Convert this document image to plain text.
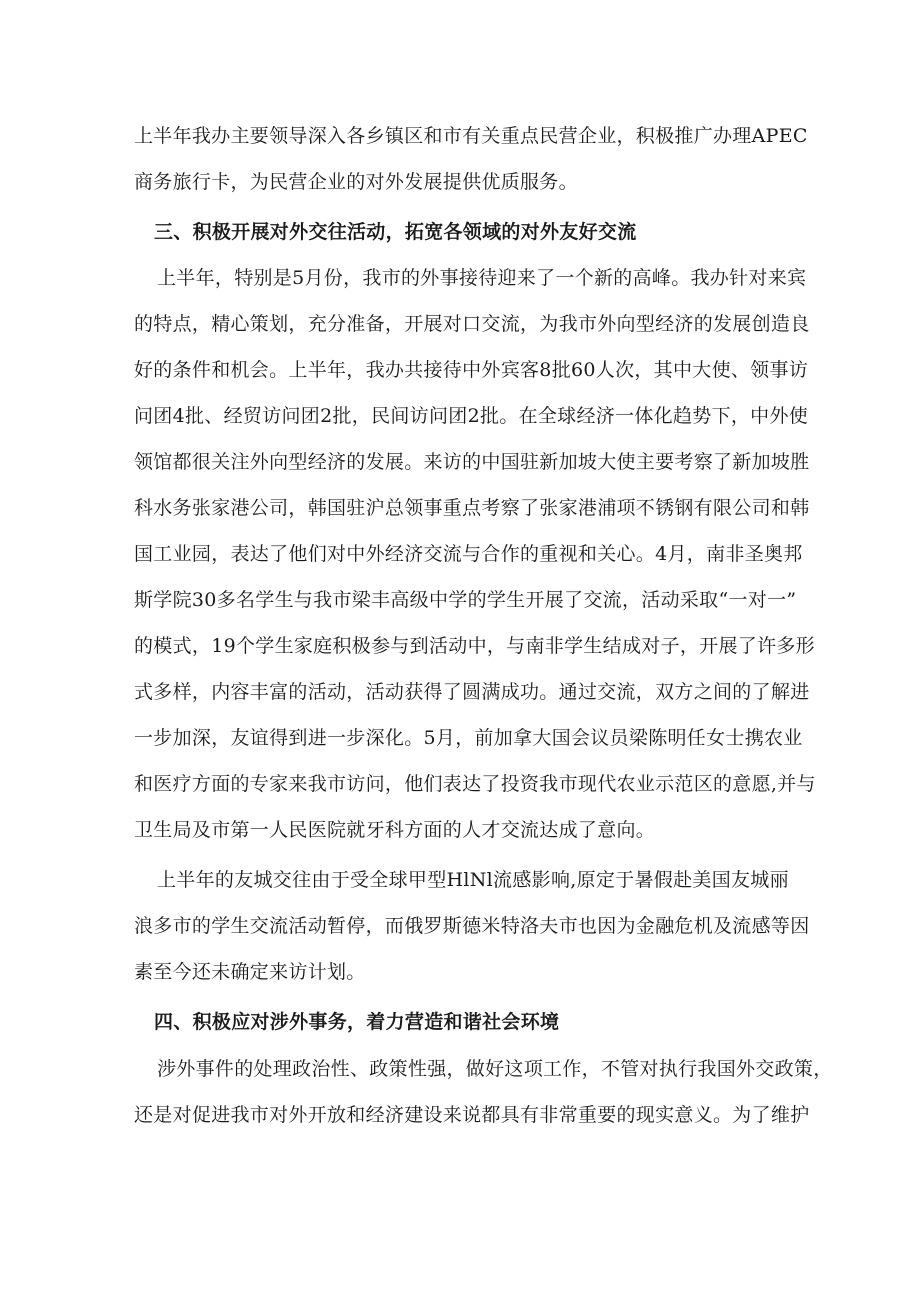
上半年我办主要领导深入各乡镇区和市有关重点民营企业，积极推广办理APEC
商务旅行卡，为民营企业的对外发展提供优质服务。
三、积极开展对外交往活动，拓宽各领域的对外友好交流
上半年，特别是5月份，我市的外事接待迎来了一个新的高峰。我办针对来宾
的特点，精心策划，充分准备，开展对口交流，为我市外向型经济的发展创造良
好的条件和机会。上半年，我办共接待中外宾客8批60人次，其中大使、领事访
问团4批、经贸访问团2批，民间访问团2批。在全球经济一体化趋势下，中外使
领馆都很关注外向型经济的发展。来访的中国驻新加坡大使主要考察了新加坡胜
科水务张家港公司，韩国驻沪总领事重点考察了张家港浦项不锈钢有限公司和韩
国工业园，表达了他们对中外经济交流与合作的重视和关心。4月，南非圣奥邦
斯学院30多名学生与我市梁丰高级中学的学生开展了交流，活动采取“一对一”
的模式，19个学生家庭积极参与到活动中，与南非学生结成对子，开展了许多形
式多样，内容丰富的活动，活动获得了圆满成功。通过交流，双方之间的了解进
一步加深，友谊得到进一步深化。5月，前加拿大国会议员梁陈明任女士携农业
和医疗方面的专家来我市访问，他们表达了投资我市现代农业示范区的意愿,并与
卫生局及市第一人民医院就牙科方面的人才交流达成了意向。
上半年的友城交往由于受全球甲型HlNl流感影响,原定于暑假赴美国友城丽
浪多市的学生交流活动暂停，而俄罗斯德米特洛夫市也因为金融危机及流感等因
素至今还未确定来访计划。
四、积极应对涉外事务，着力营造和谐社会环境
涉外事件的处理政治性、政策性强，做好这项工作，不管对执行我国外交政策，
还是对促进我市对外开放和经济建设来说都具有非常重要的现实意义。为了维护
